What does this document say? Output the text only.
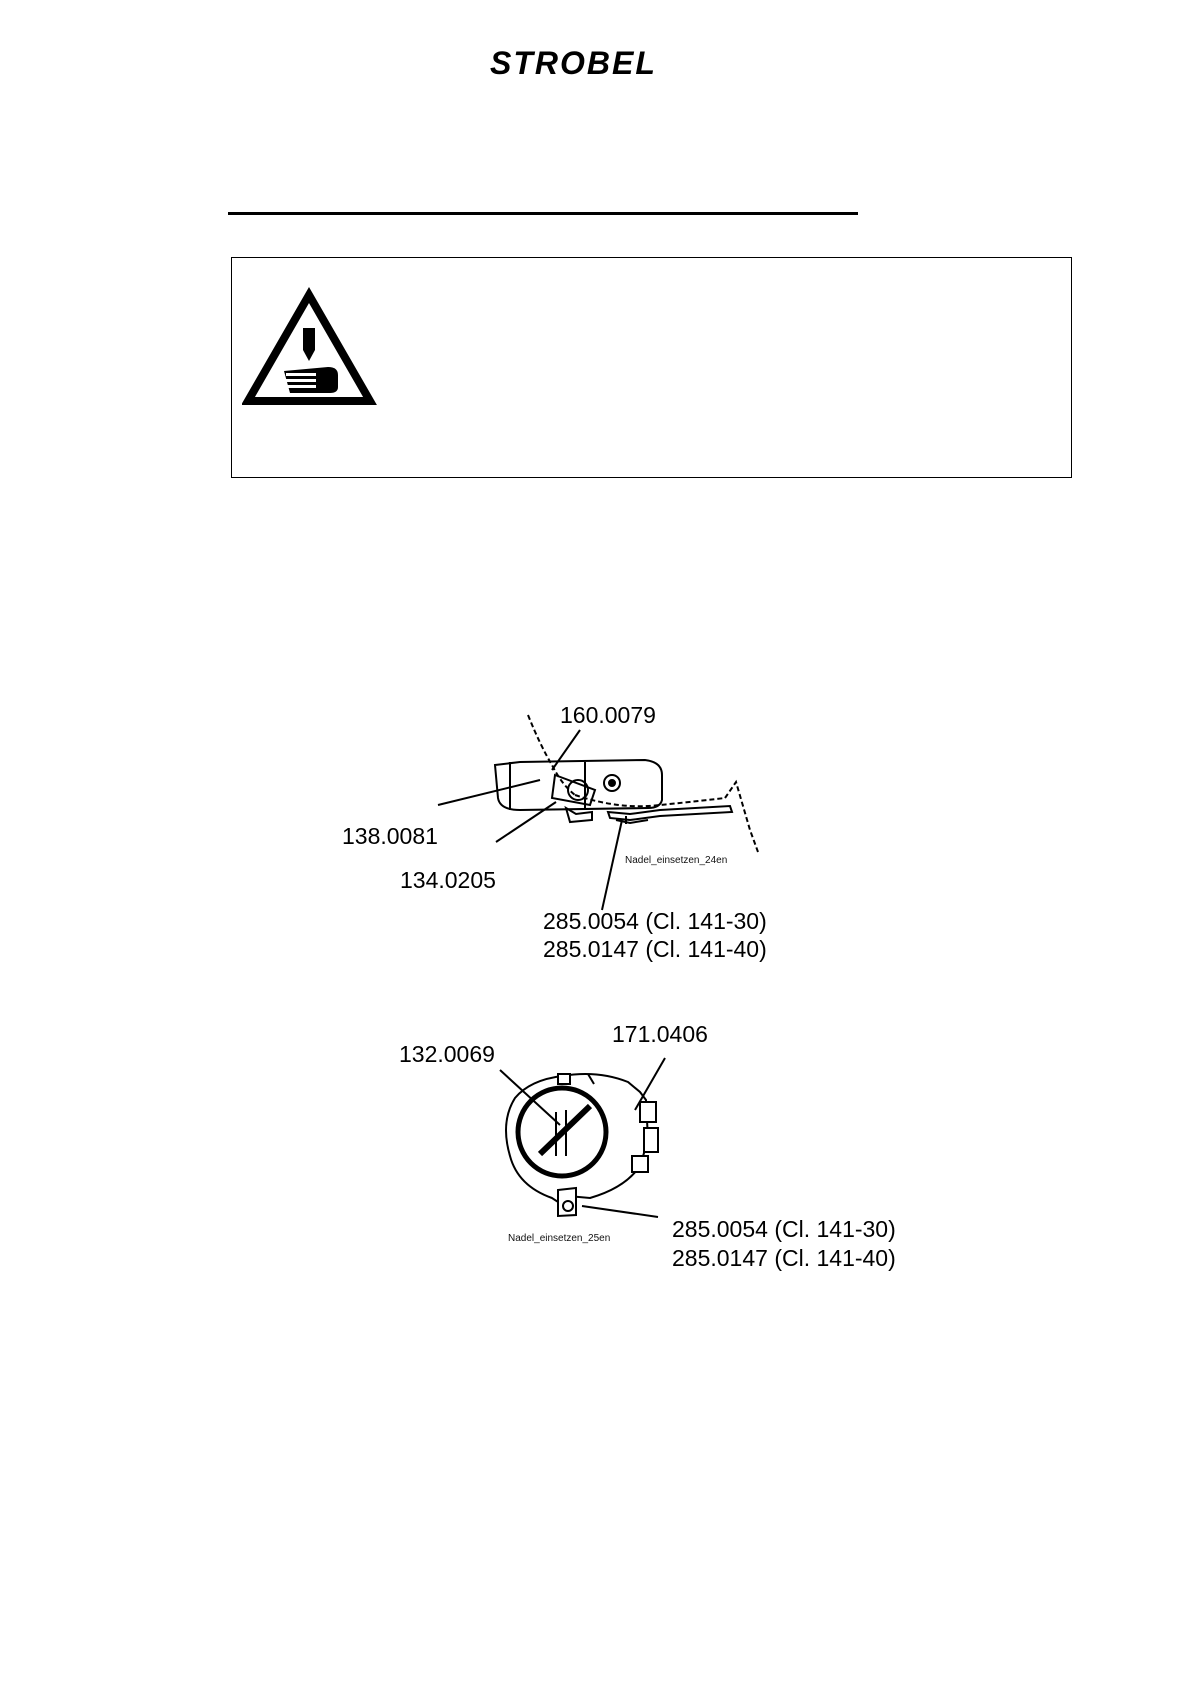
STROBEL
160.0079
138.0081
134.0205
Nadel_einsetzen_24en
285.0054 (Cl. 141-30)
285.0147 (Cl. 141-40)
171.0406
132.0069
Nadel_einsetzen_25en	285.0054 (Cl. 141-30)
285.0147 (Cl. 141-40)
